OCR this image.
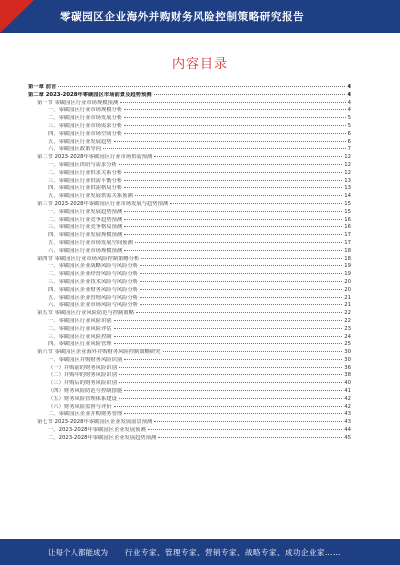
零碳园区企业海外并购财务风险控制策略研究报告
内容目录
第一章 前言	4
第二章 2023-2028年零碳园区市场前景及趋势预测	4
第一节 零碳园区行业市场规模预测	4
一、零碳园区行业市场规模分析	4
二、零碳园区行业市场发展分析	5
三、零碳园区行业市场需求分析	5
四、零碳园区行业市场空间分析	6
五、零碳园区行业发展趋势	6
六、零碳园区政策导向	7
第二节 2023-2028年零碳园区行业市场供需预测	12
一、零碳园区供给与需求分析	12
二、零碳园区行业供求关系分析	12
三、零碳园区行业供需平衡分析	13
四、零碳园区行业供需格局分析	13
五、零碳园区行业发展供需关系预测	14
第三节 2023-2028年零碳园区行业市场发展与趋势预测	15
一、零碳园区行业发展趋势预测	15
二、零碳园区行业竞争趋势预测	16
三、零碳园区行业竞争格局预测	16
四、零碳园区行业发展规模预测	17
五、零碳园区行业市场发展空间预测	17
六、零碳园区行业市场规模预测	18
第四节 零碳园区行业市场风险控制策略分析	18
一、零碳园区企业战略风险与风险分析	19
二、零碳园区企业经营风险与风险分析	19
三、零碳园区企业技术风险与风险分析	20
四、零碳园区企业财务风险与风险分析	20
五、零碳园区企业管理风险与风险分析	21
六、零碳园区企业市场风险与风险分析	21
第五节 零碳园区行业风险防范与控制策略	22
一、零碳园区行业风险识别	22
二、零碳园区行业风险评估	23
三、零碳园区行业风险控制	24
四、零碳园区行业风险管理	25
第六节 零碳园区企业海外并购财务风险控制策略研究	30
一、零碳园区并购财务风险识别	30
（一）并购前的财务风险识别	36
（二）并购中的财务风险识别	38
（三）并购后的财务风险识别	40
（四）财务风险防范与控制措施	41
（五）财务风险管理体系建设	42
（六）财务风险监督与评价	42
二、零碳园区企业并购财务管理	43
第七节 2023-2028年零碳园区企业发展前景预测	43
一、2023-2028年零碳园区企业发展预测	44
二、2023-2028年零碳园区企业发展趋势预测	45
让每个人都能成为 行业专家、管理专家、营销专家、战略专家、成功企业家……
